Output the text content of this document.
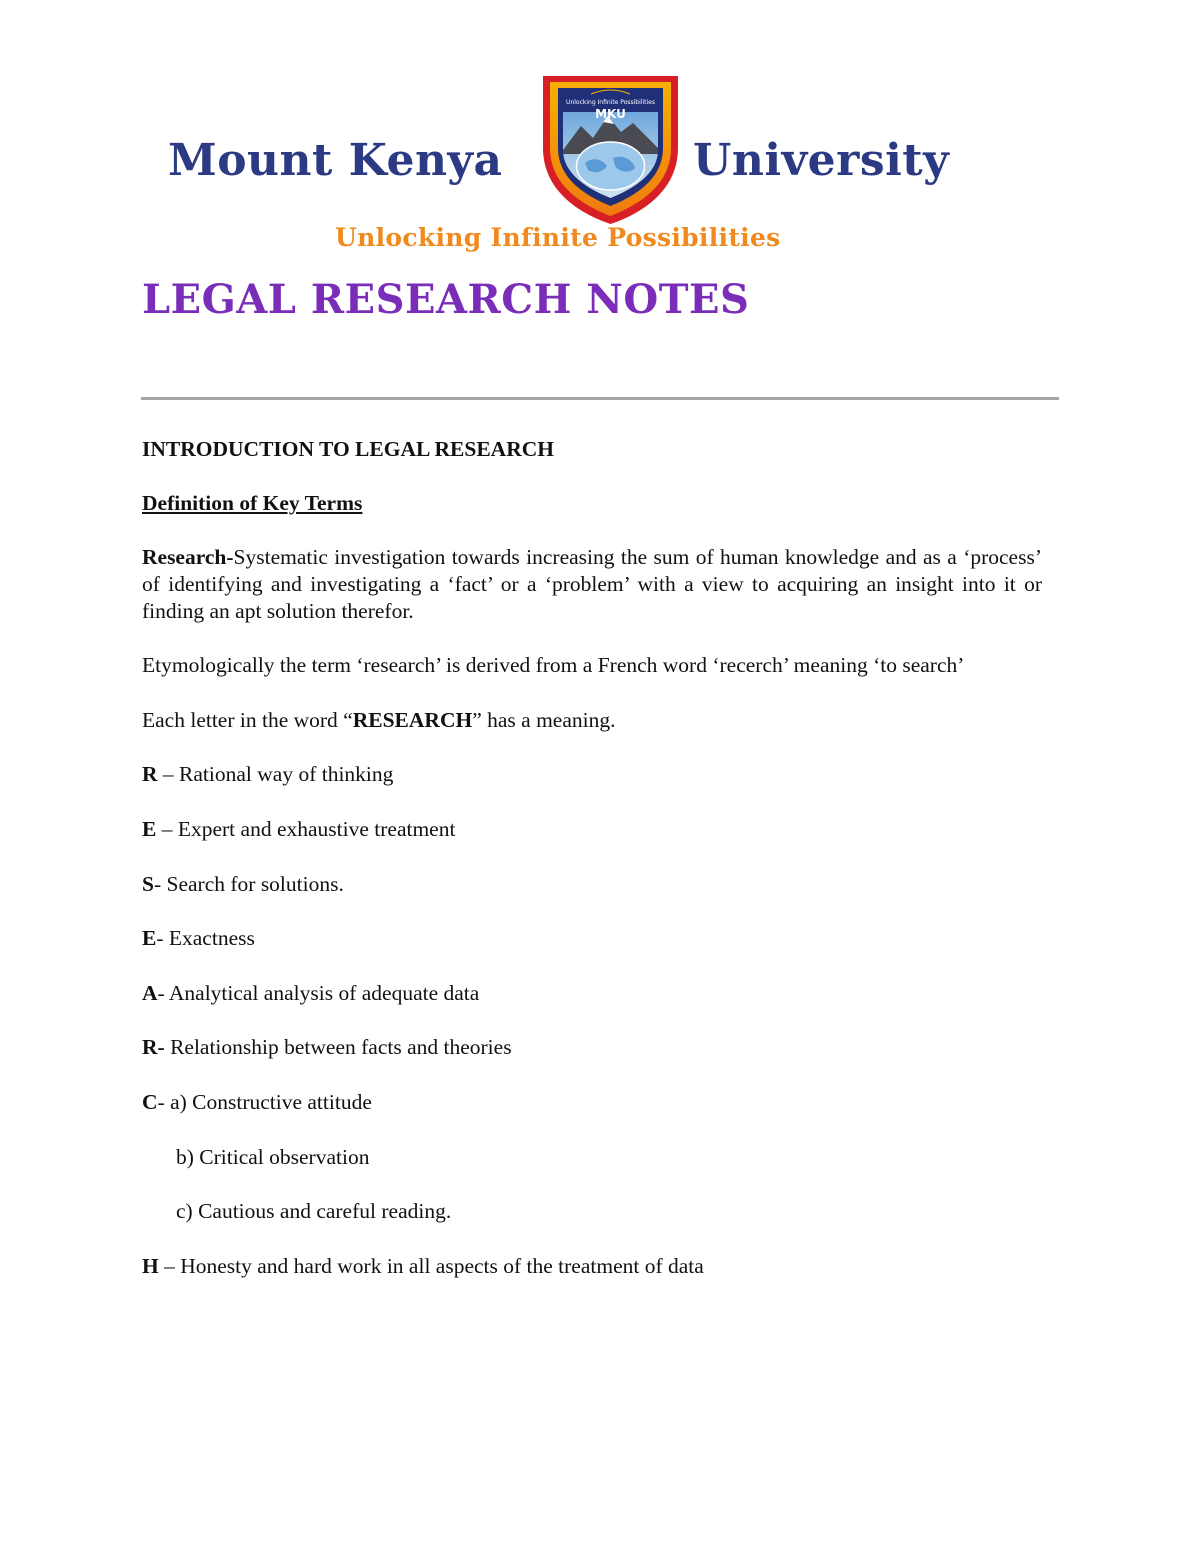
Mount Kenya
Unlocking Infinite Possibilities
MKU
University
Unlocking Infinite Possibilities
LEGAL RESEARCH NOTES
INTRODUCTION TO LEGAL RESEARCH
Definition of Key Terms
Research-Systematic investigation towards increasing the sum of human knowledge and as a ‘process’ of identifying and investigating a ‘fact’ or a ‘problem’ with a view to acquiring an insight into it or finding an apt solution therefor.
Etymologically the term ‘research’ is derived from a French word ‘recerch’ meaning ‘to search’
Each letter in the word “RESEARCH” has a meaning.
R – Rational way of thinking
E – Expert and exhaustive treatment
S- Search for solutions.
E- Exactness
A- Analytical analysis of adequate data
R- Relationship between facts and theories
C- a) Constructive attitude
b) Critical observation
c) Cautious and careful reading.
H – Honesty and hard work in all aspects of the treatment of data
